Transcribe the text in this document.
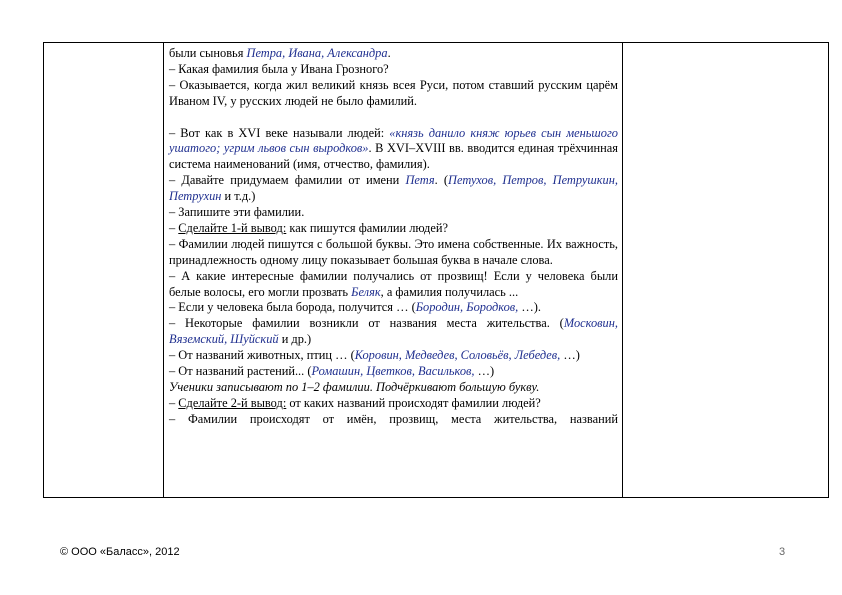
были сыновья Петра, Ивана, Александра.

– Какая фамилия была у Ивана Грозного?

– Оказывается, когда жил великий князь всея Руси, потом ставший русским царём Иваном IV, у русских людей не было фамилий.

– Вот как в XVI веке называли людей: «князь данило княж юрьев сын меньшого ушатого; угрим львов сын выродков». В XVI–XVIII вв. вводится единая трёхчинная система наименований (имя, отчество, фамилия).

– Давайте придумаем фамилии от имени Петя. (Петухов, Петров, Петрушкин, Петрухин и т.д.)

– Запишите эти фамилии.

– Сделайте 1-й вывод: как пишутся фамилии людей?

– Фамилии людей пишутся с большой буквы. Это имена собственные. Их важность, принадлежность одному лицу показывает большая буква в начале слова.

– А какие интересные фамилии получались от прозвищ! Если у человека были белые волосы, его могли прозвать Беляк, а фамилия получилась ...

– Если у человека была борода, получится … (Бородин, Бородков, …).

– Некоторые фамилии возникли от названия места жительства. (Московин, Вяземский, Шуйский и др.)

– От названий животных, птиц … (Коровин, Медведев, Соловьёв, Лебедев, …)

– От названий растений... (Ромашин, Цветков, Васильков, …)

Ученики записывают по 1–2 фамилии. Подчёркивают большую букву.

– Сделайте 2-й вывод: от каких названий происходят фамилии людей?

– Фамилии происходят от имён, прозвищ, места жительства, названий

© ООО «Баласс», 2012	3
